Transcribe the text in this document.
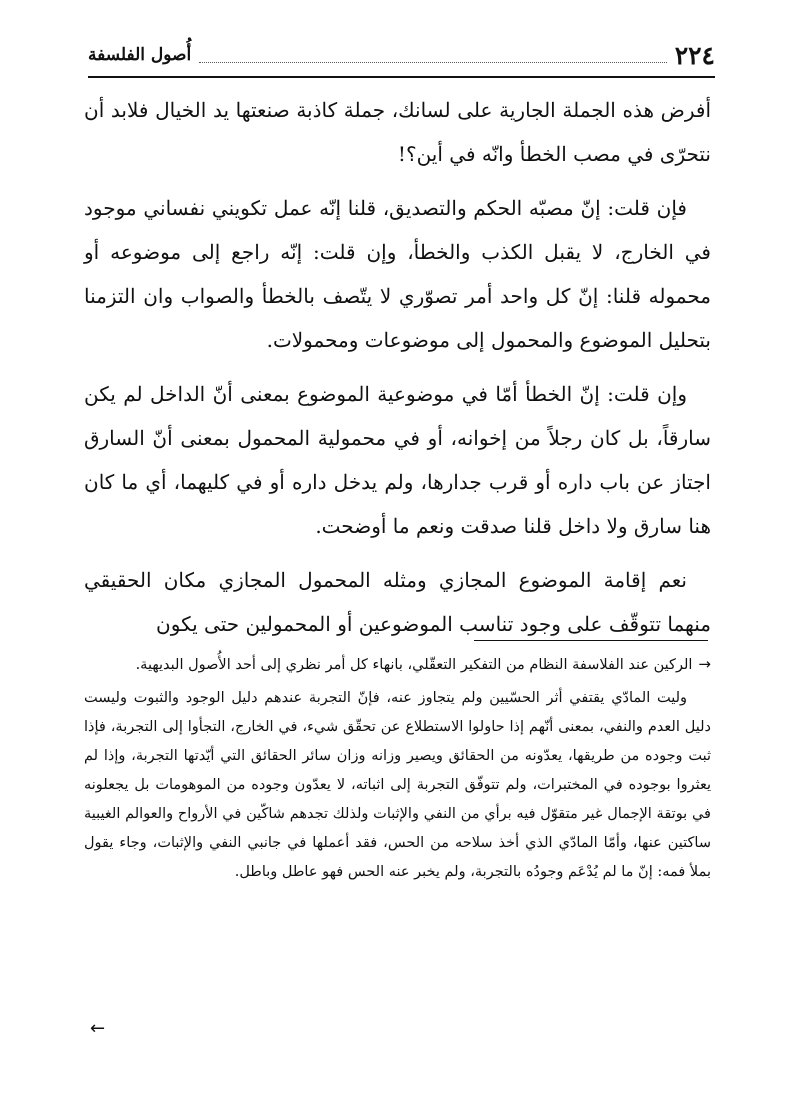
٢٢٤
أُصول الفلسفة

أفرض هذه الجملة الجارية على لسانك، جملة كاذبة صنعتها يد الخيال فلابد أن نتحرّى في مصب الخطأ وانّه في أين؟!

فإن قلت: إنّ مصبّه الحكم والتصديق، قلنا إنّه عمل تكويني نفساني موجود في الخارج، لا يقبل الكذب والخطأ، وإن قلت: إنّه راجع إلى موضوعه أو محموله قلنا: إنّ كل واحد أمر تصوّري لا يتّصف بالخطأ والصواب وان التزمنا بتحليل الموضوع والمحمول إلى موضوعات ومحمولات.

وإن قلت: إنّ الخطأ أمّا في موضوعية الموضوع بمعنى أنّ الداخل لم يكن سارقاً، بل كان رجلاً من إخوانه، أو في محمولية المحمول بمعنى أنّ السارق اجتاز عن باب داره أو قرب جدارها، ولم يدخل داره أو في كليهما، أي ما كان هنا سارق ولا داخل قلنا صدقت ونعم ما أوضحت.

نعم إقامة الموضوع المجازي ومثله المحمول المجازي مكان الحقيقي منهما تتوقّف على وجود تناسب الموضوعين أو المحمولين حتى يكون

→الركين عند الفلاسفة النظام من التفكير التعقّلي، بانهاء كل أمر نظري إلى أحد الأُصول البديهية.

وليت المادّي يقتفي أثر الحسّيين ولم يتجاوز عنه، فإنّ التجربة عندهم دليل الوجود والثبوت وليست دليل العدم والنفي، بمعنى أنّهم إذا حاولوا الاستطلاع عن تحقّق شيء، في الخارج، التجأوا إلى التجربة، فإذا ثبت وجوده من طريقها، يعدّونه من الحقائق ويصير وزانه وزان سائر الحقائق التي أيّدتها التجربة، وإذا لم يعثروا بوجوده في المختبرات، ولم تتوفّق التجربة إلى اثباته، لا يعدّون وجوده من الموهومات بل يجعلونه في بوتقة الإجمال غير متقوّل فيه برأي من النفي والإثبات ولذلك تجدهم شاكّين في الأرواح والعوالم الغيبية ساكتين عنها، وأمّا المادّي الذي أخذ سلاحه من الحس، فقد أعملها في جانبي النفي والإثبات، وجاء يقول بملأ فمه: إنّ ما لم يُدْعَم وجودُه بالتجربة، ولم يخبر عنه الحس فهو عاطل وباطل.

←
